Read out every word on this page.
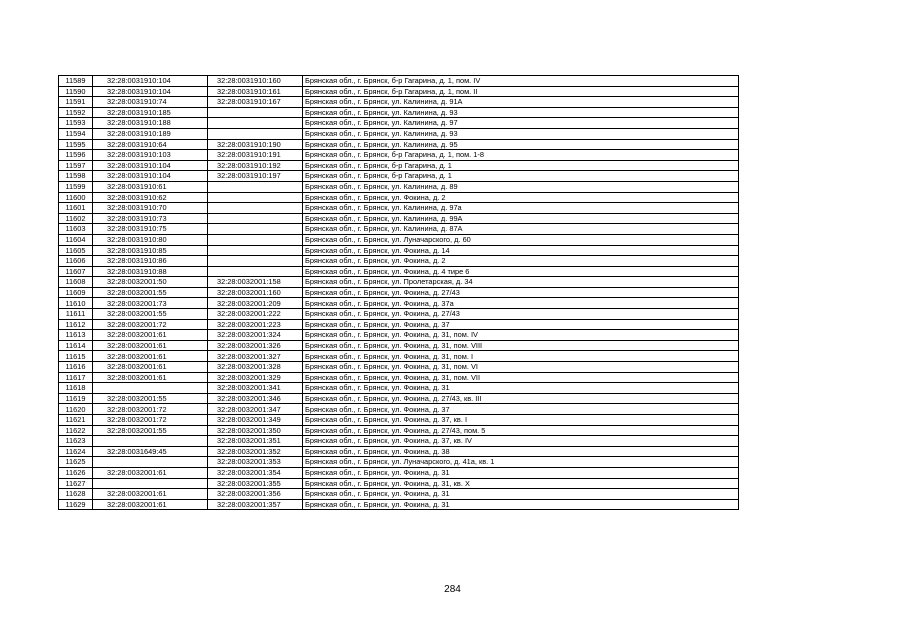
11589	32:28:0031910:104	32:28:0031910:160	Брянская обл., г. Брянск, б-р Гагарина, д. 1, пом. IV
11590	32:28:0031910:104	32:28:0031910:161	Брянская обл., г. Брянск, б-р Гагарина, д. 1, пом. II
11591	32:28:0031910:74	32:28:0031910:167	Брянская обл., г. Брянск, ул. Калинина, д. 91А
11592	32:28:0031910:185		Брянская обл., г. Брянск, ул. Калинина, д. 93
11593	32:28:0031910:188		Брянская обл., г. Брянск, ул. Калинина, д. 97
11594	32:28:0031910:189		Брянская обл., г. Брянск, ул. Калинина, д. 93
11595	32:28:0031910:64	32:28:0031910:190	Брянская обл., г. Брянск, ул. Калинина, д. 95
11596	32:28:0031910:103	32:28:0031910:191	Брянская обл., г. Брянск, б-р Гагарина, д. 1, пом. 1-8
11597	32:28:0031910:104	32:28:0031910:192	Брянская обл., г. Брянск, б-р Гагарина, д. 1
11598	32:28:0031910:104	32:28:0031910:197	Брянская обл., г. Брянск, б-р Гагарина, д. 1
11599	32:28:0031910:61		Брянская обл., г. Брянск, ул. Калинина, д. 89
11600	32:28:0031910:62		Брянская обл., г. Брянск, ул. Фокина, д. 2
11601	32:28:0031910:70		Брянская обл., г. Брянск, ул. Калинина, д. 97а
11602	32:28:0031910:73		Брянская обл., г. Брянск, ул. Калинина, д. 99А
11603	32:28:0031910:75		Брянская обл., г. Брянск, ул. Калинина, д. 87А
11604	32:28:0031910:80		Брянская обл., г. Брянск, ул. Луначарского, д. 60
11605	32:28:0031910:85		Брянская обл., г. Брянск, ул. Фокина, д. 14
11606	32:28:0031910:86		Брянская обл., г. Брянск, ул. Фокина, д. 2
11607	32:28:0031910:88		Брянская обл., г. Брянск, ул. Фокина, д. 4 тире 6
11608	32:28:0032001:50	32:28:0032001:158	Брянская обл., г. Брянск, ул. Пролетарская, д. 34
11609	32:28:0032001:55	32:28:0032001:160	Брянская обл., г. Брянск, ул. Фокина, д. 27/43
11610	32:28:0032001:73	32:28:0032001:209	Брянская обл., г. Брянск, ул. Фокина, д. 37а
11611	32:28:0032001:55	32:28:0032001:222	Брянская обл., г. Брянск, ул. Фокина, д. 27/43
11612	32:28:0032001:72	32:28:0032001:223	Брянская обл., г. Брянск, ул. Фокина, д. 37
11613	32:28:0032001:61	32:28:0032001:324	Брянская обл., г. Брянск, ул. Фокина, д. 31, пом. IV
11614	32:28:0032001:61	32:28:0032001:326	Брянская обл., г. Брянск, ул. Фокина, д. 31, пом. VIII
11615	32:28:0032001:61	32:28:0032001:327	Брянская обл., г. Брянск, ул. Фокина, д. 31, пом. I
11616	32:28:0032001:61	32:28:0032001:328	Брянская обл., г. Брянск, ул. Фокина, д. 31, пом. VI
11617	32:28:0032001:61	32:28:0032001:329	Брянская обл., г. Брянск, ул. Фокина, д. 31, пом. VII
11618		32:28:0032001:341	Брянская обл., г. Брянск, ул. Фокина, д. 31
11619	32:28:0032001:55	32:28:0032001:346	Брянская обл., г. Брянск, ул. Фокина, д. 27/43, кв. III
11620	32:28:0032001:72	32:28:0032001:347	Брянская обл., г. Брянск, ул. Фокина, д. 37
11621	32:28:0032001:72	32:28:0032001:349	Брянская обл., г. Брянск, ул. Фокина, д. 37, кв. I
11622	32:28:0032001:55	32:28:0032001:350	Брянская обл., г. Брянск, ул. Фокина, д. 27/43, пом. 5
11623		32:28:0032001:351	Брянская обл., г. Брянск, ул. Фокина, д. 37, кв. IV
11624	32:28:0031649:45	32:28:0032001:352	Брянская обл., г. Брянск, ул. Фокина, д. 38
11625		32:28:0032001:353	Брянская обл., г. Брянск, ул. Луначарского, д. 41а, кв. 1
11626	32:28:0032001:61	32:28:0032001:354	Брянская обл., г. Брянск, ул. Фокина, д. 31
11627		32:28:0032001:355	Брянская обл., г. Брянск, ул. Фокина, д. 31, кв. Х
11628	32:28:0032001:61	32:28:0032001:356	Брянская обл., г. Брянск, ул. Фокина, д. 31
11629	32:28:0032001:61	32:28:0032001:357	Брянская обл., г. Брянск, ул. Фокина, д. 31
284
